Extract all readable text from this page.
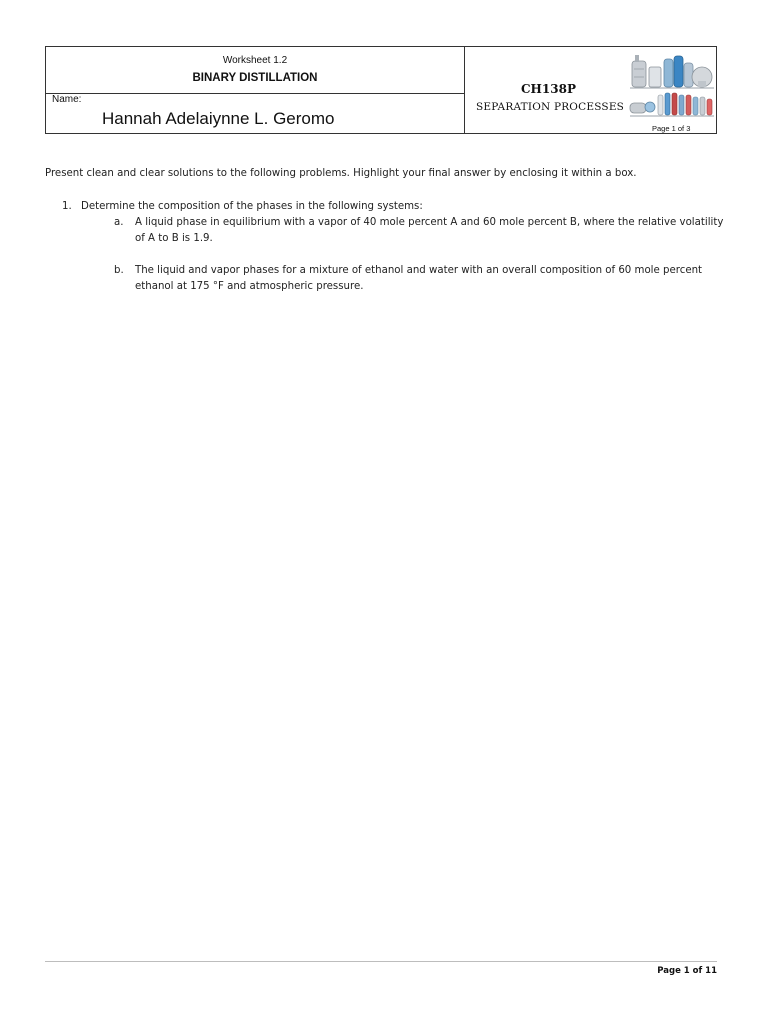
Worksheet 1.2
BINARY DISTILLATION
Name:
Hannah Adelaiynne L. Geromo
CH138P
SEPARATION PROCESSES
Page 1 of 3
Present clean and clear solutions to the following problems. Highlight your final answer by enclosing it within a box.
1. Determine the composition of the phases in the following systems:
a. A liquid phase in equilibrium with a vapor of 40 mole percent A and 60 mole percent B, where the relative volatility
of A to B is 1.9.
b. The liquid and vapor phases for a mixture of ethanol and water with an overall composition of 60 mole percent
ethanol at 175 °F and atmospheric pressure.
Page 1 of 11
